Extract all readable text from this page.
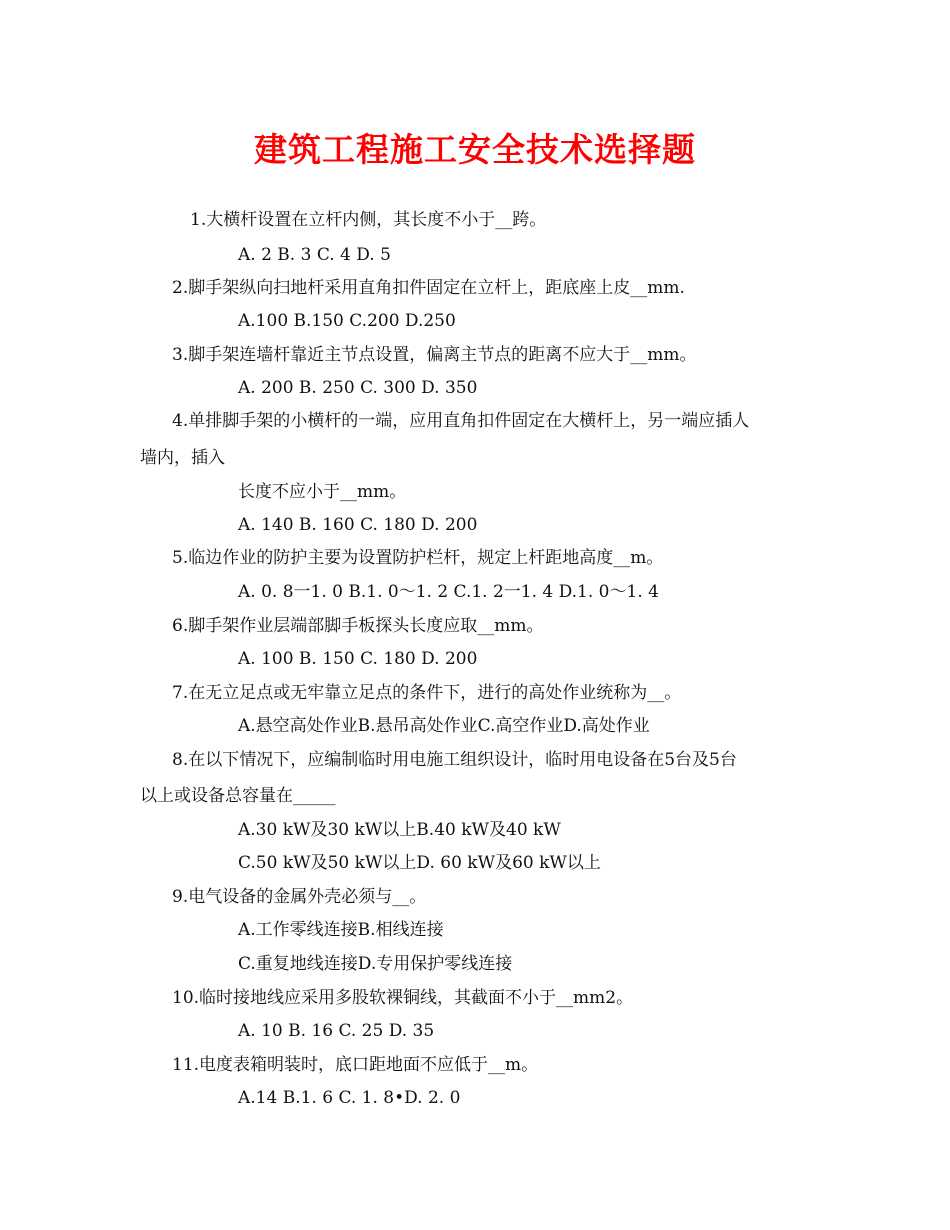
建筑工程施工安全技术选择题
1.大横杆设置在立杆内侧，其长度不小于__跨。
A. 2 B. 3 C. 4 D. 5
2.脚手架纵向扫地杆采用直角扣件固定在立杆上，距底座上皮__mm.
A.100 B.150 C.200 D.250
3.脚手架连墙杆靠近主节点设置，偏离主节点的距离不应大于__mm。
A. 200 B. 250 C. 300 D. 350
4.单排脚手架的小横杆的一端，应用直角扣件固定在大横杆上，另一端应插人
墙内，插入
长度不应小于__mm。
A. 140 B. 160 C. 180 D. 200
5.临边作业的防护主要为设置防护栏杆，规定上杆距地高度__m。
A. 0. 8一1. 0 B.1. 0～1. 2 C.1. 2一1. 4 D.1. 0～1. 4
6.脚手架作业层端部脚手板探头长度应取__mm。
A. 100 B. 150 C. 180 D. 200
7.在无立足点或无牢靠立足点的条件下，进行的高处作业统称为__。
A.悬空高处作业B.悬吊高处作业C.高空作业D.高处作业
8.在以下情况下，应编制临时用电施工组织设计，临时用电设备在5台及5台
以上或设备总容量在_____
A.30 kW及30 kW以上B.40 kW及40 kW
C.50 kW及50 kW以上D. 60 kW及60 kW以上
9.电气设备的金属外壳必须与__。
A.工作零线连接B.相线连接
C.重复地线连接D.专用保护零线连接
10.临时接地线应采用多股软裸铜线，其截面不小于__mm2。
A. 10 B. 16 C. 25 D. 35
11.电度表箱明装时，底口距地面不应低于__m。
A.14 B.1. 6 C. 1. 8•D. 2. 0
